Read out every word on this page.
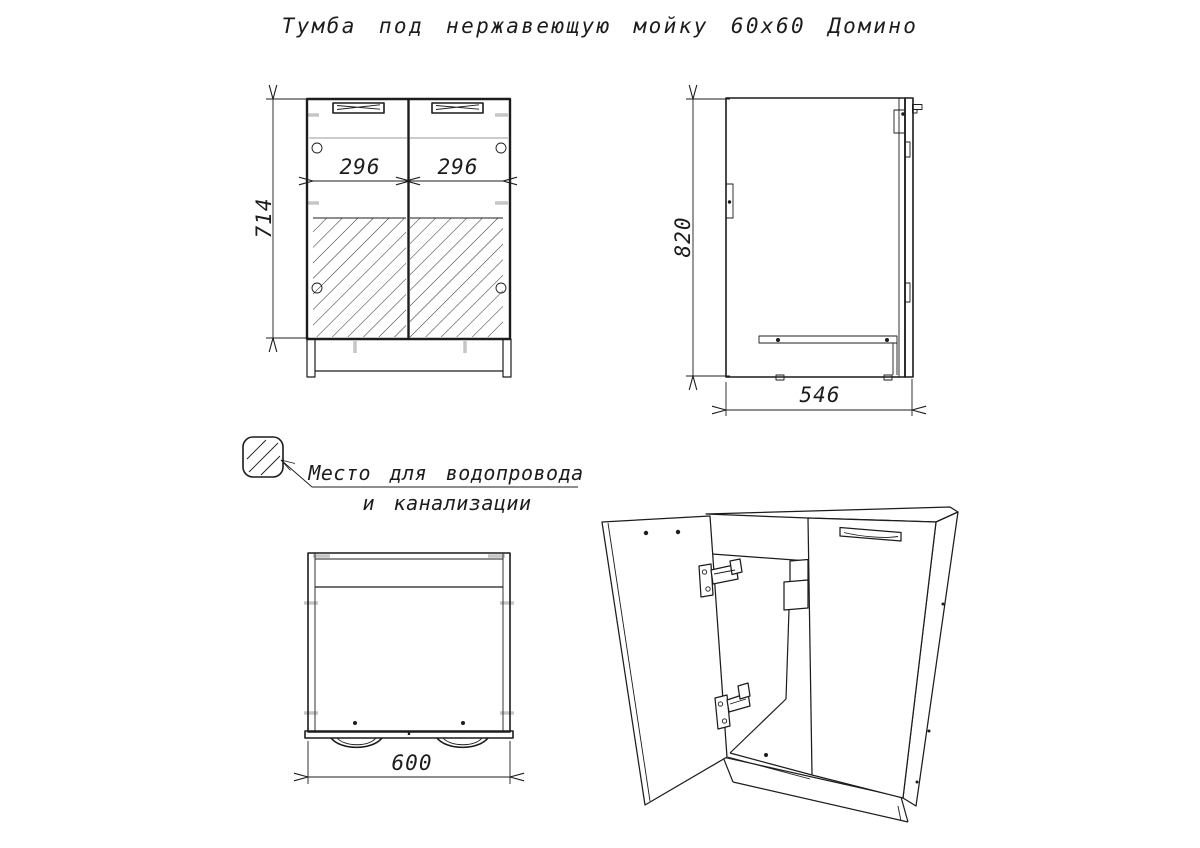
Тумба под нержавеющую мойку 60х60 Домино
714
296	296
820
546
Место для водопровода
и канализации
600
